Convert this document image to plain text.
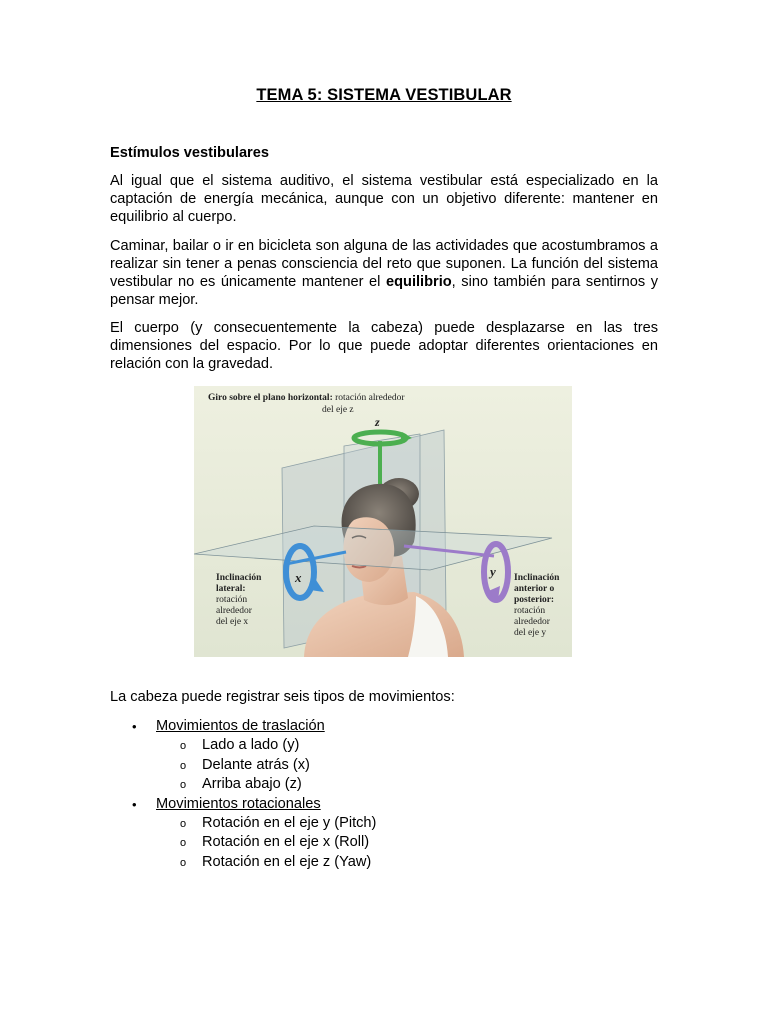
TEMA 5: SISTEMA VESTIBULAR
Estímulos vestibulares

Al igual que el sistema auditivo, el sistema vestibular está especializado en la captación de energía mecánica, aunque con un objetivo diferente: mantener en equilibrio al cuerpo.

Caminar, bailar o ir en bicicleta son alguna de las actividades que acostumbramos a realizar sin tener a penas consciencia del reto que suponen. La función del sistema vestibular no es únicamente mantener el equilibrio, sino también para sentirnos y pensar mejor.

El cuerpo (y consecuentemente la cabeza) puede desplazarse en las tres dimensiones del espacio. Por lo que puede adoptar diferentes orientaciones en relación con la gravedad.

Giro sobre el plano horizontal: rotación alrededor
del eje z
z
x	y
Inclinación
lateral:
rotación
alrededor
del eje x
Inclinación
anterior o
posterior:
rotación
alrededor
del eje y

La cabeza puede registrar seis tipos de movimientos:

• Movimientos de traslación
o Lado a lado (y)
o Delante atrás (x)
o Arriba abajo (z)
• Movimientos rotacionales
o Rotación en el eje y (Pitch)
o Rotación en el eje x (Roll)
o Rotación en el eje z (Yaw)
